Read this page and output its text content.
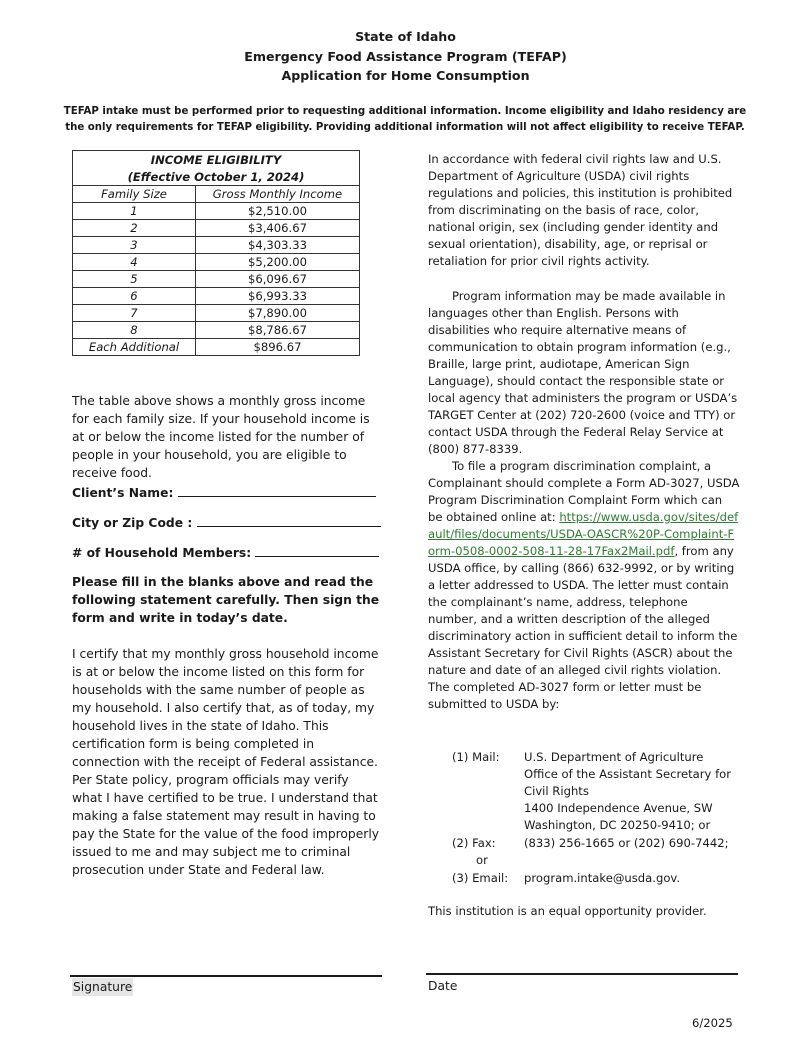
State of Idaho
Emergency Food Assistance Program (TEFAP)
Application for Home Consumption
TEFAP intake must be performed prior to requesting additional information. Income eligibility and Idaho residency are
the only requirements for TEFAP eligibility. Providing additional information will not affect eligibility to receive TEFAP.
INCOME ELIGIBILITY	
(Effective October 1, 2024)	
Family Size	Gross Monthly Income
1	$2,510.00
2	$3,406.67
3	$4,303.33
4	$5,200.00
5	$6,096.67
6	$6,993.33
7	$7,890.00
8	$8,786.67
Each Additional	$896.67
The table above shows a monthly gross income for each family size. If your household income is at or below the income listed for the number of people in your household, you are eligible to receive food.
Client’s Name:
City or Zip Code :
# of Household Members:
Please fill in the blanks above and read the following statement carefully. Then sign the form and write in today’s date.
I certify that my monthly gross household income is at or below the income listed on this form for households with the same number of people as my household. I also certify that, as of today, my household lives in the state of Idaho. This certification form is being completed in connection with the receipt of Federal assistance. Per State policy, program officials may verify what I have certified to be true. I understand that making a false statement may result in having to pay the State for the value of the food improperly issued to me and may subject me to criminal prosecution under State and Federal law.
In accordance with federal civil rights law and U.S. Department of Agriculture (USDA) civil rights regulations and policies, this institution is prohibited from discriminating on the basis of race, color, national origin, sex (including gender identity and sexual orientation), disability, age, or reprisal or retaliation for prior civil rights activity.
Program information may be made available in languages other than English. Persons with disabilities who require alternative means of communication to obtain program information (e.g., Braille, large print, audiotape, American Sign Language), should contact the responsible state or local agency that administers the program or USDA’s TARGET Center at (202) 720-2600 (voice and TTY) or contact USDA through the Federal Relay Service at (800) 877-8339.
To file a program discrimination complaint, a Complainant should complete a Form AD-3027, USDA Program Discrimination Complaint Form which can be obtained online at: https://www.usda.gov/sites/default/files/documents/USDA-OASCR%20P-Complaint-Form-0508-0002-508-11-28-17Fax2Mail.pdf, from any USDA office, by calling (866) 632-9992, or by writing a letter addressed to USDA. The letter must contain the complainant’s name, address, telephone number, and a written description of the alleged discriminatory action in sufficient detail to inform the Assistant Secretary for Civil Rights (ASCR) about the nature and date of an alleged civil rights violation. The completed AD-3027 form or letter must be submitted to USDA by:
(1) Mail: U.S. Department of Agriculture
Office of the Assistant Secretary for
Civil Rights
1400 Independence Avenue, SW
Washington, DC 20250-9410; or
(2) Fax: (833) 256-1665 or (202) 690-7442;
or
(3) Email: program.intake@usda.gov.
This institution is an equal opportunity provider.
Signature	Date
6/2025
